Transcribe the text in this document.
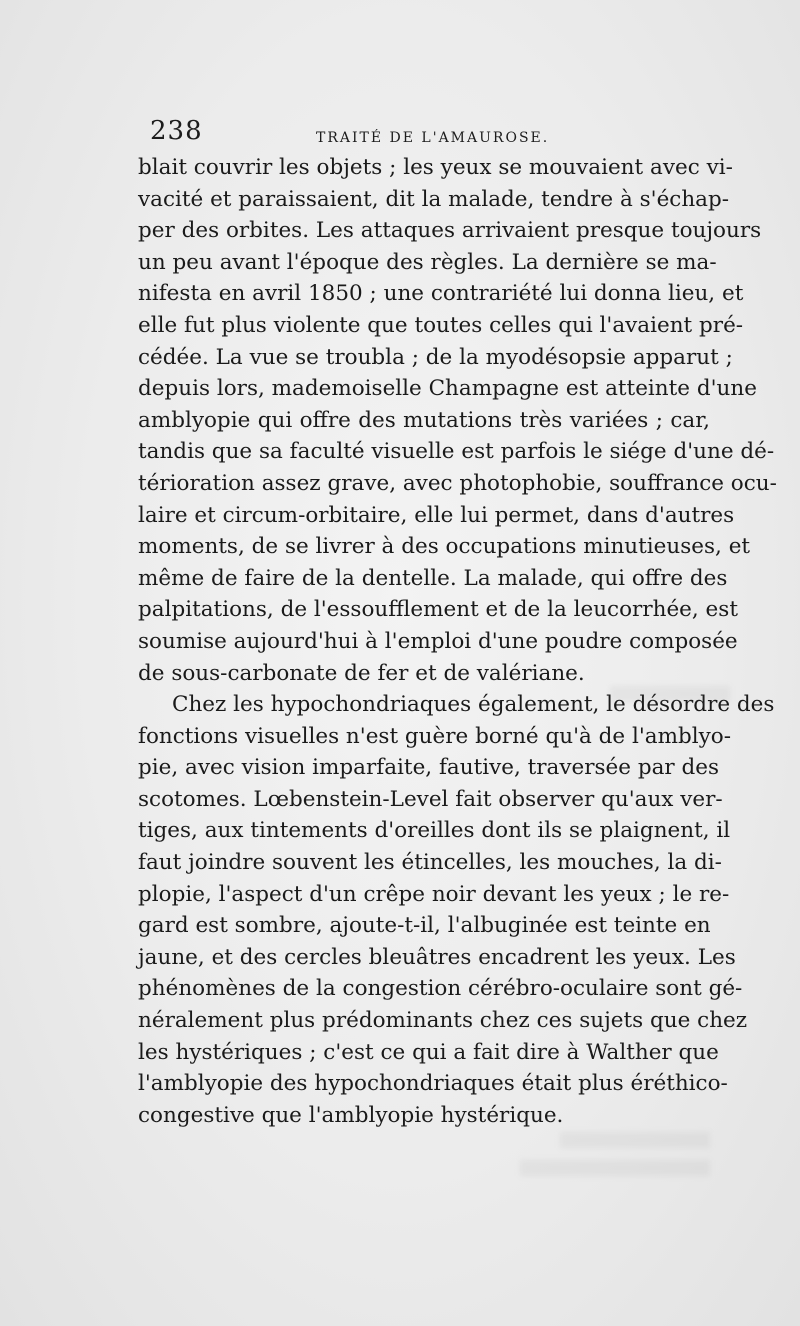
238	TRAITÉ DE L'AMAUROSE.
blait couvrir les objets ; les yeux se mouvaient avec vi-
vacité et paraissaient, dit la malade, tendre à s'échap-
per des orbites. Les attaques arrivaient presque toujours
un peu avant l'époque des règles. La dernière se ma-
nifesta en avril 1850 ; une contrariété lui donna lieu, et
elle fut plus violente que toutes celles qui l'avaient pré-
cédée. La vue se troubla ; de la myodésopsie apparut ;
depuis lors, mademoiselle Champagne est atteinte d'une
amblyopie qui offre des mutations très variées ; car,
tandis que sa faculté visuelle est parfois le siége d'une dé-
térioration assez grave, avec photophobie, souffrance ocu-
laire et circum-orbitaire, elle lui permet, dans d'autres
moments, de se livrer à des occupations minutieuses, et
même de faire de la dentelle. La malade, qui offre des
palpitations, de l'essoufflement et de la leucorrhée, est
soumise aujourd'hui à l'emploi d'une poudre composée
de sous-carbonate de fer et de valériane.
Chez les hypochondriaques également, le désordre des
fonctions visuelles n'est guère borné qu'à de l'amblyo-
pie, avec vision imparfaite, fautive, traversée par des
scotomes. Lœbenstein-Level fait observer qu'aux ver-
tiges, aux tintements d'oreilles dont ils se plaignent, il
faut joindre souvent les étincelles, les mouches, la di-
plopie, l'aspect d'un crêpe noir devant les yeux ; le re-
gard est sombre, ajoute-t-il, l'albuginée est teinte en
jaune, et des cercles bleuâtres encadrent les yeux. Les
phénomènes de la congestion cérébro-oculaire sont gé-
néralement plus prédominants chez ces sujets que chez
les hystériques ; c'est ce qui a fait dire à Walther que
l'amblyopie des hypochondriaques était plus éréthico-
congestive que l'amblyopie hystérique.
